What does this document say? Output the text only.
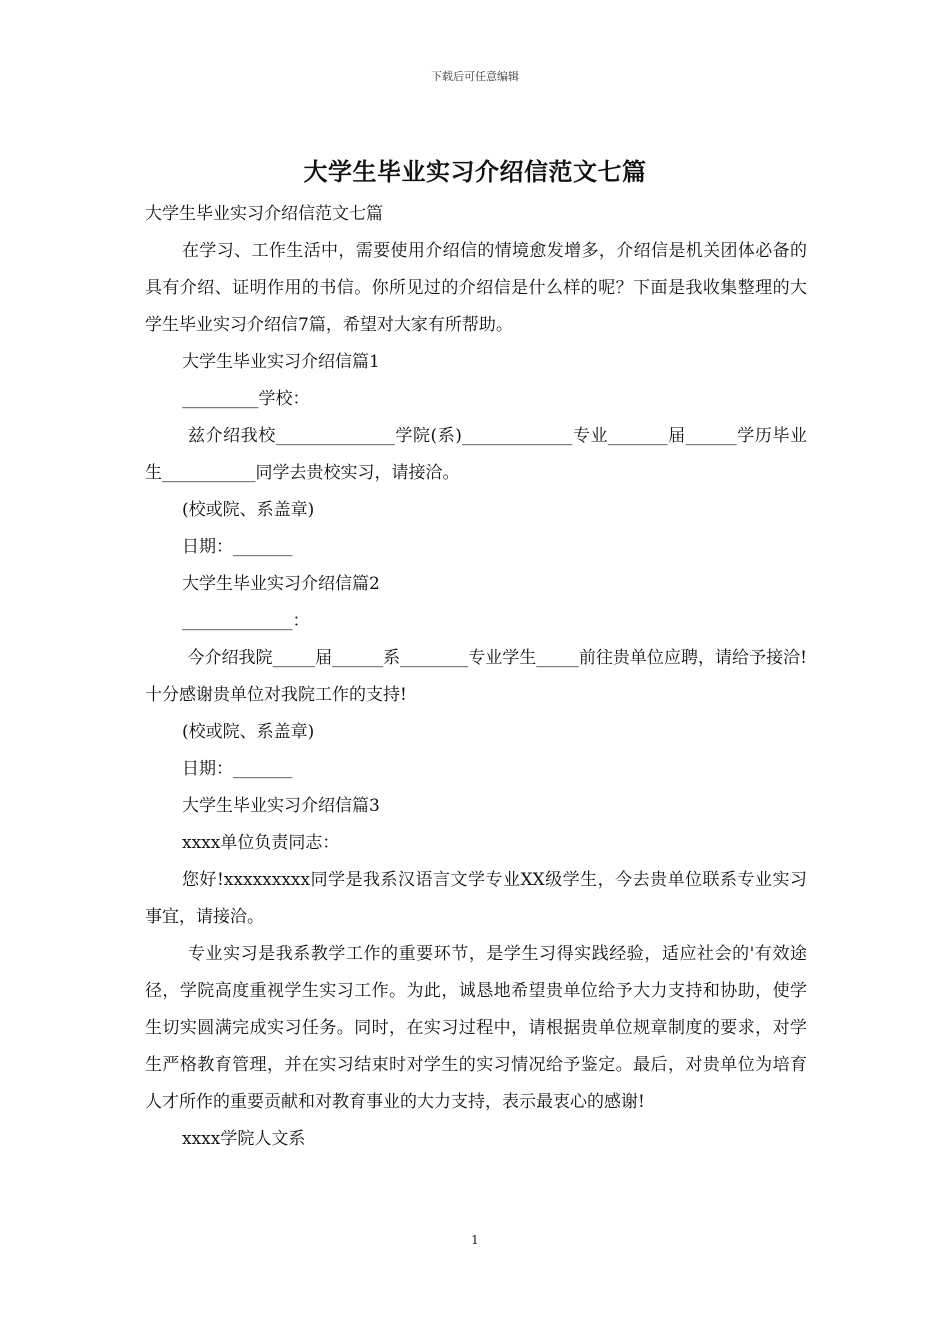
下载后可任意编辑
大学生毕业实习介绍信范文七篇

大学生毕业实习介绍信范文七篇

在学习、工作生活中，需要使用介绍信的情境愈发增多，介绍信是机关团体必备的具有介绍、证明作用的书信。你所见过的介绍信是什么样的呢？下面是我收集整理的大学生毕业实习介绍信7篇，希望对大家有所帮助。

大学生毕业实习介绍信篇1

_________学校：

兹介绍我校______________学院(系)_____________专业_______届______学历毕业生___________同学去贵校实习，请接洽。

(校或院、系盖章)

日期：_______

大学生毕业实习介绍信篇2

_____________：

今介绍我院_____届______系________专业学生_____前往贵单位应聘，请给予接洽!十分感谢贵单位对我院工作的支持!

(校或院、系盖章)

日期：_______

大学生毕业实习介绍信篇3

xxxx单位负责同志：

您好!xxxxxxxxx同学是我系汉语言文学专业XX级学生，今去贵单位联系专业实习事宜，请接洽。

专业实习是我系教学工作的重要环节，是学生习得实践经验，适应社会的'有效途径，学院高度重视学生实习工作。为此，诚恳地希望贵单位给予大力支持和协助，使学生切实圆满完成实习任务。同时，在实习过程中，请根据贵单位规章制度的要求，对学生严格教育管理，并在实习结束时对学生的实习情况给予鉴定。最后，对贵单位为培育人才所作的重要贡献和对教育事业的大力支持，表示最衷心的感谢!

xxxx学院人文系

1
